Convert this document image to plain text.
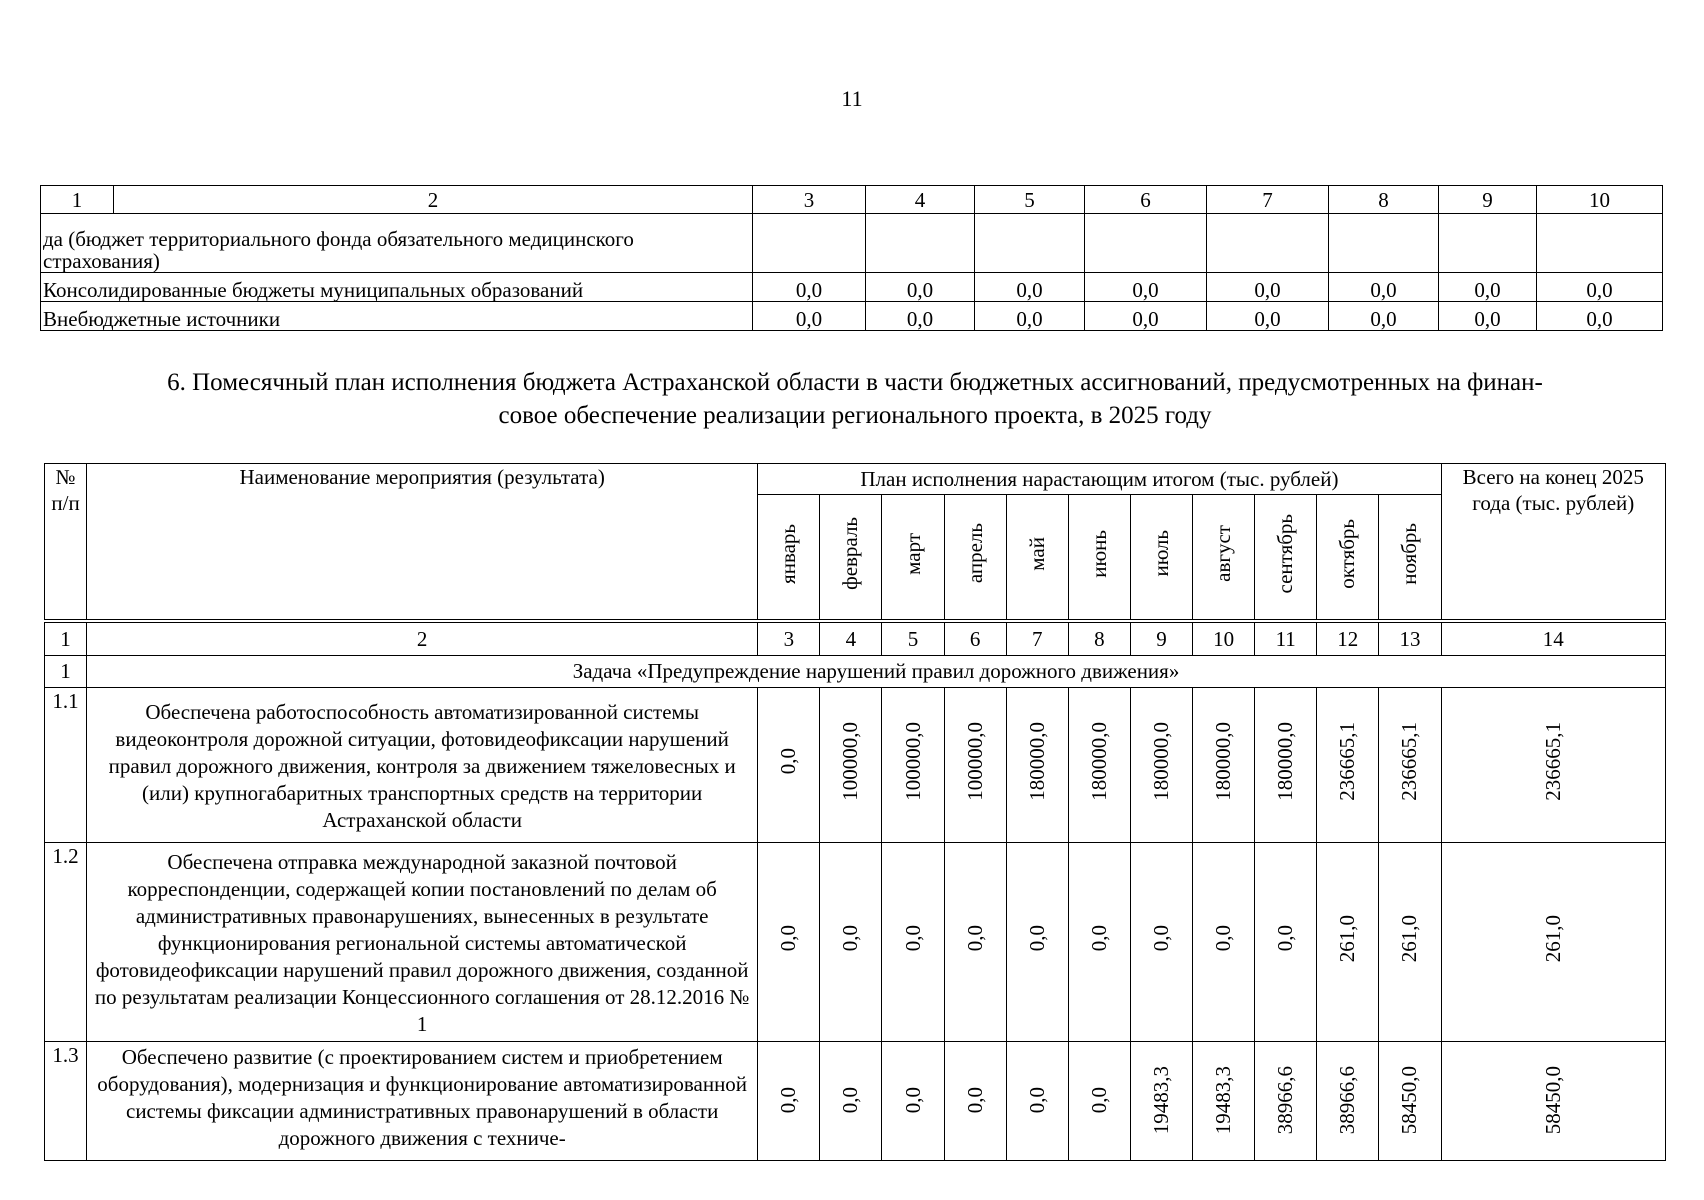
11
1	2	3	4	5	6	7	8	9	10
да (бюджет территориального фонда обязательного медицинского страхования)									
Консолидированные бюджеты муниципальных образований		0,0	0,0	0,0	0,0	0,0	0,0	0,0	0,0
Внебюджетные источники		0,0	0,0	0,0	0,0	0,0	0,0	0,0	0,0
6. Помесячный план исполнения бюджета Астраханской области в части бюджетных ассигнований, предусмотренных на финан-
совое обеспечение реализации регионального проекта, в 2025 году
№ п/п	Наименование мероприятия (результата)	План исполнения нарастающим итогом (тыс. рублей)											Всего на конец 2025 года (тыс. рублей)
		январь	февраль	март	апрель	май	июнь	июль	август	сентябрь	октябрь	ноябрь	
1	2	3	4	5	6	7	8	9	10	11	12	13	14
1	Задача «Предупреждение нарушений правил дорожного движения»												
1.1	Обеспечена работоспособность автоматизированной системы видеоконтроля дорожной ситуации, фотовидеофиксации нарушений правил дорожного движения, контроля за движением тяжеловесных и (или) крупногабаритных транспортных средств на территории Астраханской области	0,0	100000,0	100000,0	100000,0	180000,0	180000,0	180000,0	180000,0	180000,0	236665,1	236665,1	236665,1
1.2	Обеспечена отправка международной заказной почтовой корреспонденции, содержащей копии постановлений по делам об административных правонарушениях, вынесенных в результате функционирования региональной системы автоматической фотовидеофиксации нарушений правил дорожного движения, созданной по результатам реализации Концессионного соглашения от 28.12.2016 № 1	0,0	0,0	0,0	0,0	0,0	0,0	0,0	0,0	0,0	261,0	261,0	261,0
1.3	Обеспечено развитие (с проектированием систем и приобретением оборудования), модернизация и функционирование автоматизированной системы фиксации административных правонарушений в области дорожного движения с техниче-	0,0	0,0	0,0	0,0	0,0	0,0	19483,3	19483,3	38966,6	38966,6	58450,0	58450,0
